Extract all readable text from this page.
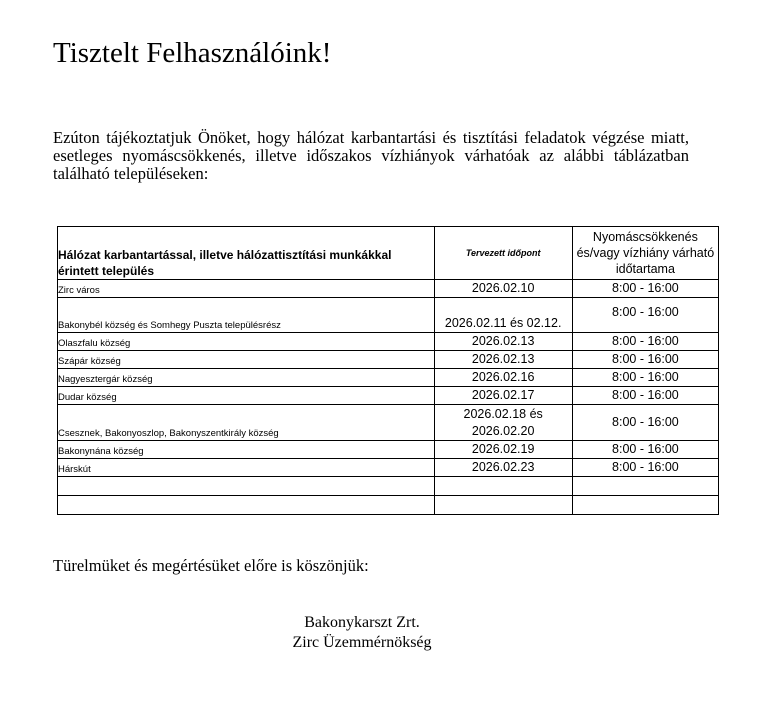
Tisztelt Felhasználóink!
Ezúton tájékoztatjuk Önöket, hogy hálózat karbantartási és tisztítási feladatok végzése miatt, esetleges nyomáscsökkenés, illetve időszakos vízhiányok várhatóak az alábbi táblázatban található településeken:
Hálózat karbantartással, illetve hálózattisztítási munkákkal érintett település	Tervezett időpont	Nyomáscsökkenés és/vagy vízhiány várható időtartama
Zirc város	2026.02.10	8:00 - 16:00
Bakonybél község és Somhegy Puszta településrész	2026.02.11 és 02.12.	8:00 - 16:00
Olaszfalu község	2026.02.13	8:00 - 16:00
Szápár község	2026.02.13	8:00 - 16:00
Nagyesztergár község	2026.02.16	8:00 - 16:00
Dudar község	2026.02.17	8:00 - 16:00
Csesznek, Bakonyoszlop, Bakonyszentkirály község	2026.02.18 és 2026.02.20	8:00 - 16:00
Bakonynána község	2026.02.19	8:00 - 16:00
Hárskút	2026.02.23	8:00 - 16:00

Türelmüket és megértésüket előre is köszönjük:
Bakonykarszt Zrt.
Zirc Üzemmérnökség
